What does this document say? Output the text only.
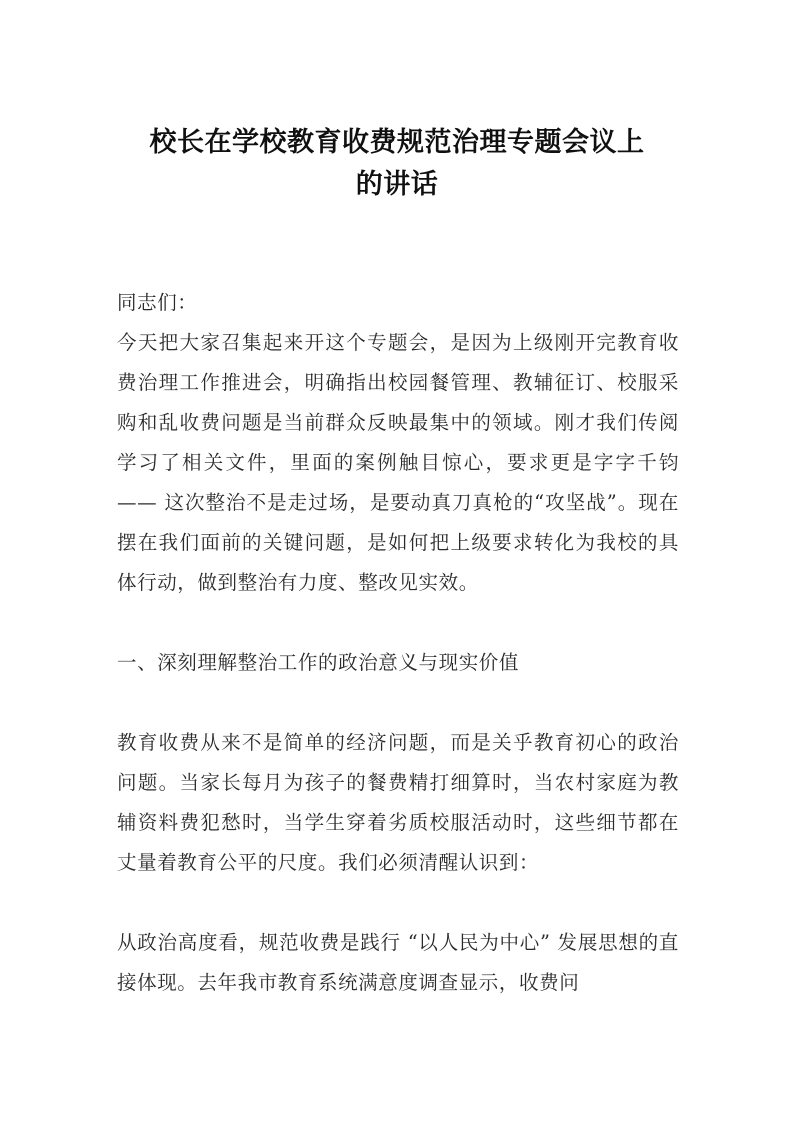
校长在学校教育收费规范治理专题会议上
的讲话

同志们：

今天把大家召集起来开这个专题会，是因为上级刚开完教育收费治理工作推进会，明确指出校园餐管理、教辅征订、校服采购和乱收费问题是当前群众反映最集中的领域。刚才我们传阅学习了相关文件，里面的案例触目惊心，要求更是字字千钧 —— 这次整治不是走过场，是要动真刀真枪的“攻坚战”。现在摆在我们面前的关键问题，是如何把上级要求转化为我校的具体行动，做到整治有力度、整改见实效。

一、深刻理解整治工作的政治意义与现实价值

教育收费从来不是简单的经济问题，而是关乎教育初心的政治问题。当家长每月为孩子的餐费精打细算时，当农村家庭为教辅资料费犯愁时，当学生穿着劣质校服活动时，这些细节都在丈量着教育公平的尺度。我们必须清醒认识到：

从政治高度看，规范收费是践行 “以人民为中心” 发展思想的直接体现。去年我市教育系统满意度调查显示，收费问
